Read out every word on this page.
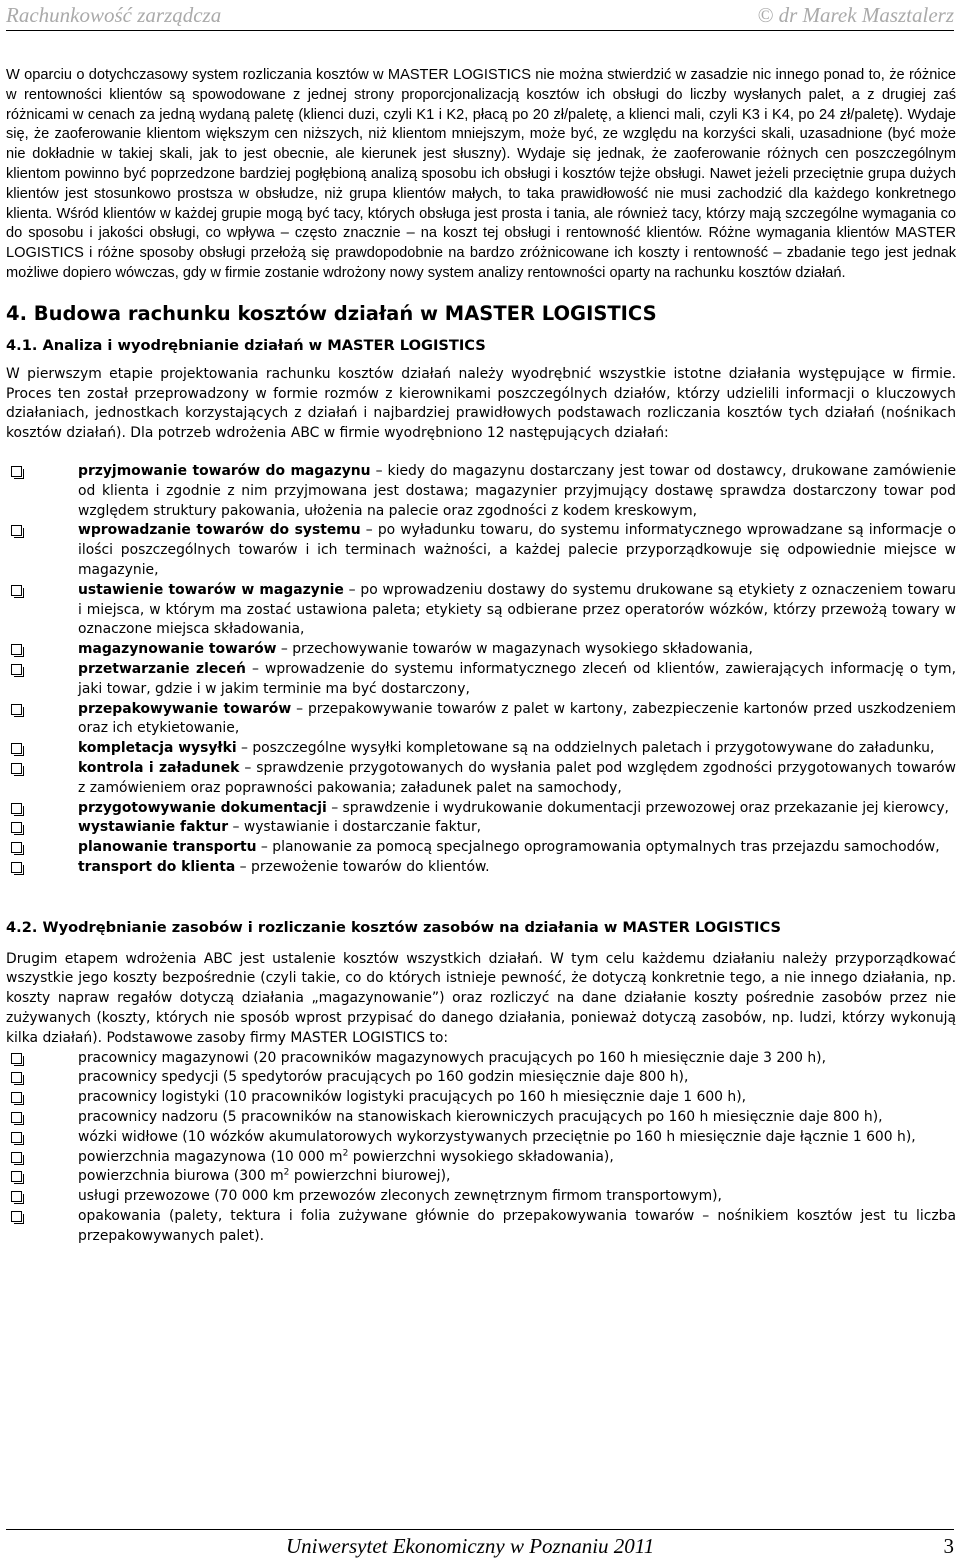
Rachunkowość zarządcza	© dr Marek Masztalerz

W oparciu o dotychczasowy system rozliczania kosztów w MASTER LOGISTICS nie można stwierdzić w zasadzie nic innego ponad to, że różnice w rentowności klientów są spowodowane z jednej strony proporcjonalizacją kosztów ich obsługi do liczby wysłanych palet, a z drugiej zaś różnicami w cenach za jedną wydaną paletę (klienci duzi, czyli K1 i K2, płacą po 20 zł/paletę, a klienci mali, czyli K3 i K4, po 24 zł/paletę). Wydaje się, że zaoferowanie klientom większym cen niższych, niż klientom mniejszym, może być, ze względu na korzyści skali, uzasadnione (być może nie dokładnie w takiej skali, jak to jest obecnie, ale kierunek jest słuszny). Wydaje się jednak, że zaoferowanie różnych cen poszczególnym klientom powinno być poprzedzone bardziej pogłębioną analizą sposobu ich obsługi i kosztów tejże obsługi. Nawet jeżeli przeciętnie grupa dużych klientów jest stosunkowo prostsza w obsłudze, niż grupa klientów małych, to taka prawidłowość nie musi zachodzić dla każdego konkretnego klienta. Wśród klientów w każdej grupie mogą być tacy, których obsługa jest prosta i tania, ale również tacy, którzy mają szczególne wymagania co do sposobu i jakości obsługi, co wpływa – często znacznie – na koszt tej obsługi i rentowność klientów. Różne wymagania klientów MASTER LOGISTICS i różne sposoby obsługi przełożą się prawdopodobnie na bardzo zróżnicowane ich koszty i rentowność – zbadanie tego jest jednak możliwe dopiero wówczas, gdy w firmie zostanie wdrożony nowy system analizy rentowności oparty na rachunku kosztów działań.

4. Budowa rachunku kosztów działań w MASTER LOGISTICS
4.1. Analiza i wyodrębnianie działań w MASTER LOGISTICS

W pierwszym etapie projektowania rachunku kosztów działań należy wyodrębnić wszystkie istotne działania występujące w firmie. Proces ten został przeprowadzony w formie rozmów z kierownikami poszczególnych działów, którzy udzielili informacji o kluczowych działaniach, jednostkach korzystających z działań i najbardziej prawidłowych podstawach rozliczania kosztów tych działań (nośnikach kosztów działań). Dla potrzeb wdrożenia ABC w firmie wyodrębniono 12 następujących działań:

przyjmowanie towarów do magazynu – kiedy do magazynu dostarczany jest towar od dostawcy, drukowane zamówienie od klienta i zgodnie z nim przyjmowana jest dostawa; magazynier przyjmujący dostawę sprawdza dostarczony towar pod względem struktury pakowania, ułożenia na palecie oraz zgodności z kodem kreskowym,
wprowadzanie towarów do systemu – po wyładunku towaru, do systemu informatycznego wprowadzane są informacje o ilości poszczególnych towarów i ich terminach ważności, a każdej palecie przyporządkowuje się odpowiednie miejsce w magazynie,
ustawienie towarów w magazynie – po wprowadzeniu dostawy do systemu drukowane są etykiety z oznaczeniem towaru i miejsca, w którym ma zostać ustawiona paleta; etykiety są odbierane przez operatorów wózków, którzy przewożą towary w oznaczone miejsca składowania,
magazynowanie towarów – przechowywanie towarów w magazynach wysokiego składowania,
przetwarzanie zleceń – wprowadzenie do systemu informatycznego zleceń od klientów, zawierających informację o tym, jaki towar, gdzie i w jakim terminie ma być dostarczony,
przepakowywanie towarów – przepakowywanie towarów z palet w kartony, zabezpieczenie kartonów przed uszkodzeniem oraz ich etykietowanie,
kompletacja wysyłki – poszczególne wysyłki kompletowane są na oddzielnych paletach i przygotowywane do załadunku,
kontrola i załadunek – sprawdzenie przygotowanych do wysłania palet pod względem zgodności przygotowanych towarów z zamówieniem oraz poprawności pakowania; załadunek palet na samochody,
przygotowywanie dokumentacji – sprawdzenie i wydrukowanie dokumentacji przewozowej oraz przekazanie jej kierowcy,
wystawianie faktur – wystawianie i dostarczanie faktur,
planowanie transportu – planowanie za pomocą specjalnego oprogramowania optymalnych tras przejazdu samochodów,
transport do klienta – przewożenie towarów do klientów.
4.2. Wyodrębnianie zasobów i rozliczanie kosztów zasobów na działania w MASTER LOGISTICS

Drugim etapem wdrożenia ABC jest ustalenie kosztów wszystkich działań. W tym celu każdemu działaniu należy przyporządkować wszystkie jego koszty bezpośrednie (czyli takie, co do których istnieje pewność, że dotyczą konkretnie tego, a nie innego działania, np. koszty napraw regałów dotyczą działania „magazynowanie”) oraz rozliczyć na dane działanie koszty pośrednie zasobów przez nie zużywanych (koszty, których nie sposób wprost przypisać do danego działania, ponieważ dotyczą zasobów, np. ludzi, którzy wykonują kilka działań). Podstawowe zasoby firmy MASTER LOGISTICS to:

pracownicy magazynowi (20 pracowników magazynowych pracujących po 160 h miesięcznie daje 3 200 h),
pracownicy spedycji (5 spedytorów pracujących po 160 godzin miesięcznie daje 800 h),
pracownicy logistyki (10 pracowników logistyki pracujących po 160 h miesięcznie daje 1 600 h),
pracownicy nadzoru (5 pracowników na stanowiskach kierowniczych pracujących po 160 h miesięcznie daje 800 h),
wózki widłowe (10 wózków akumulatorowych wykorzystywanych przeciętnie po 160 h miesięcznie daje łącznie 1 600 h),
powierzchnia magazynowa (10 000 $m^2$ powierzchni wysokiego składowania),
powierzchnia biurowa (300 $m^2$ powierzchni biurowej),
usługi przewozowe (70 000 km przewozów zleconych zewnętrznym firmom transportowym),
opakowania (palety, tektura i folia zużywane głównie do przepakowywania towarów – nośnikiem kosztów jest tu liczba przepakowywanych palet).
Uniwersytet Ekonomiczny w Poznaniu 2011	3
